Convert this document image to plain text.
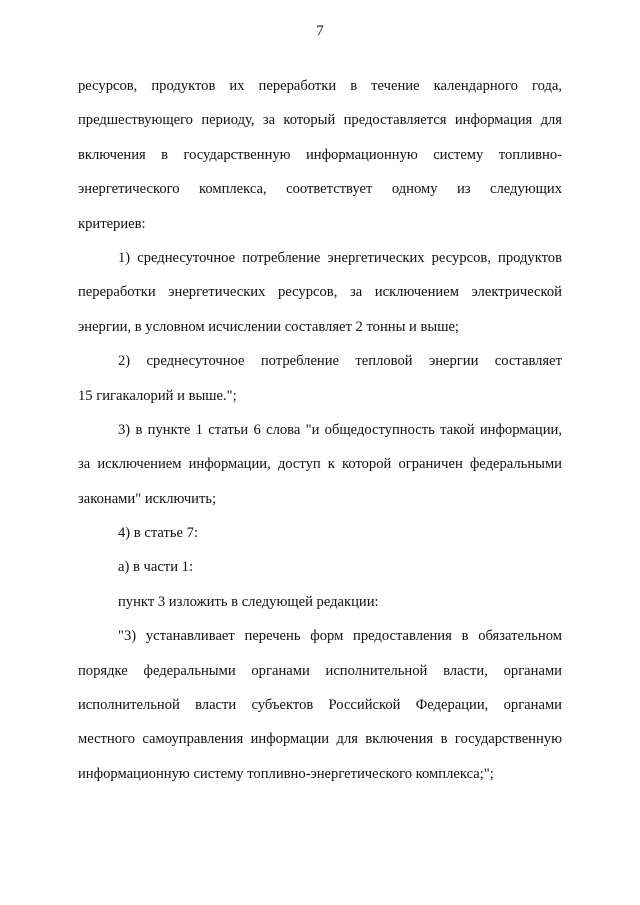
7
ресурсов, продуктов их переработки в течение календарного года,
предшествующего периоду, за который предоставляется информация для
включения в государственную информационную систему топливно-
энергетического комплекса, соответствует одному из следующих
критериев:
1) среднесуточное потребление энергетических ресурсов, продуктов
переработки энергетических ресурсов, за исключением электрической
энергии, в условном исчислении составляет 2 тонны и выше;
2) среднесуточное потребление тепловой энергии составляет
15 гигакалорий и выше.";
3) в пункте 1 статьи 6 слова "и общедоступность такой информации,
за исключением информации, доступ к которой ограничен федеральными
законами" исключить;
4) в статье 7:
а) в части 1:
пункт 3 изложить в следующей редакции:
"3) устанавливает перечень форм предоставления в обязательном
порядке федеральными органами исполнительной власти, органами
исполнительной власти субъектов Российской Федерации, органами
местного самоуправления информации для включения в государственную
информационную систему топливно-энергетического комплекса;";
